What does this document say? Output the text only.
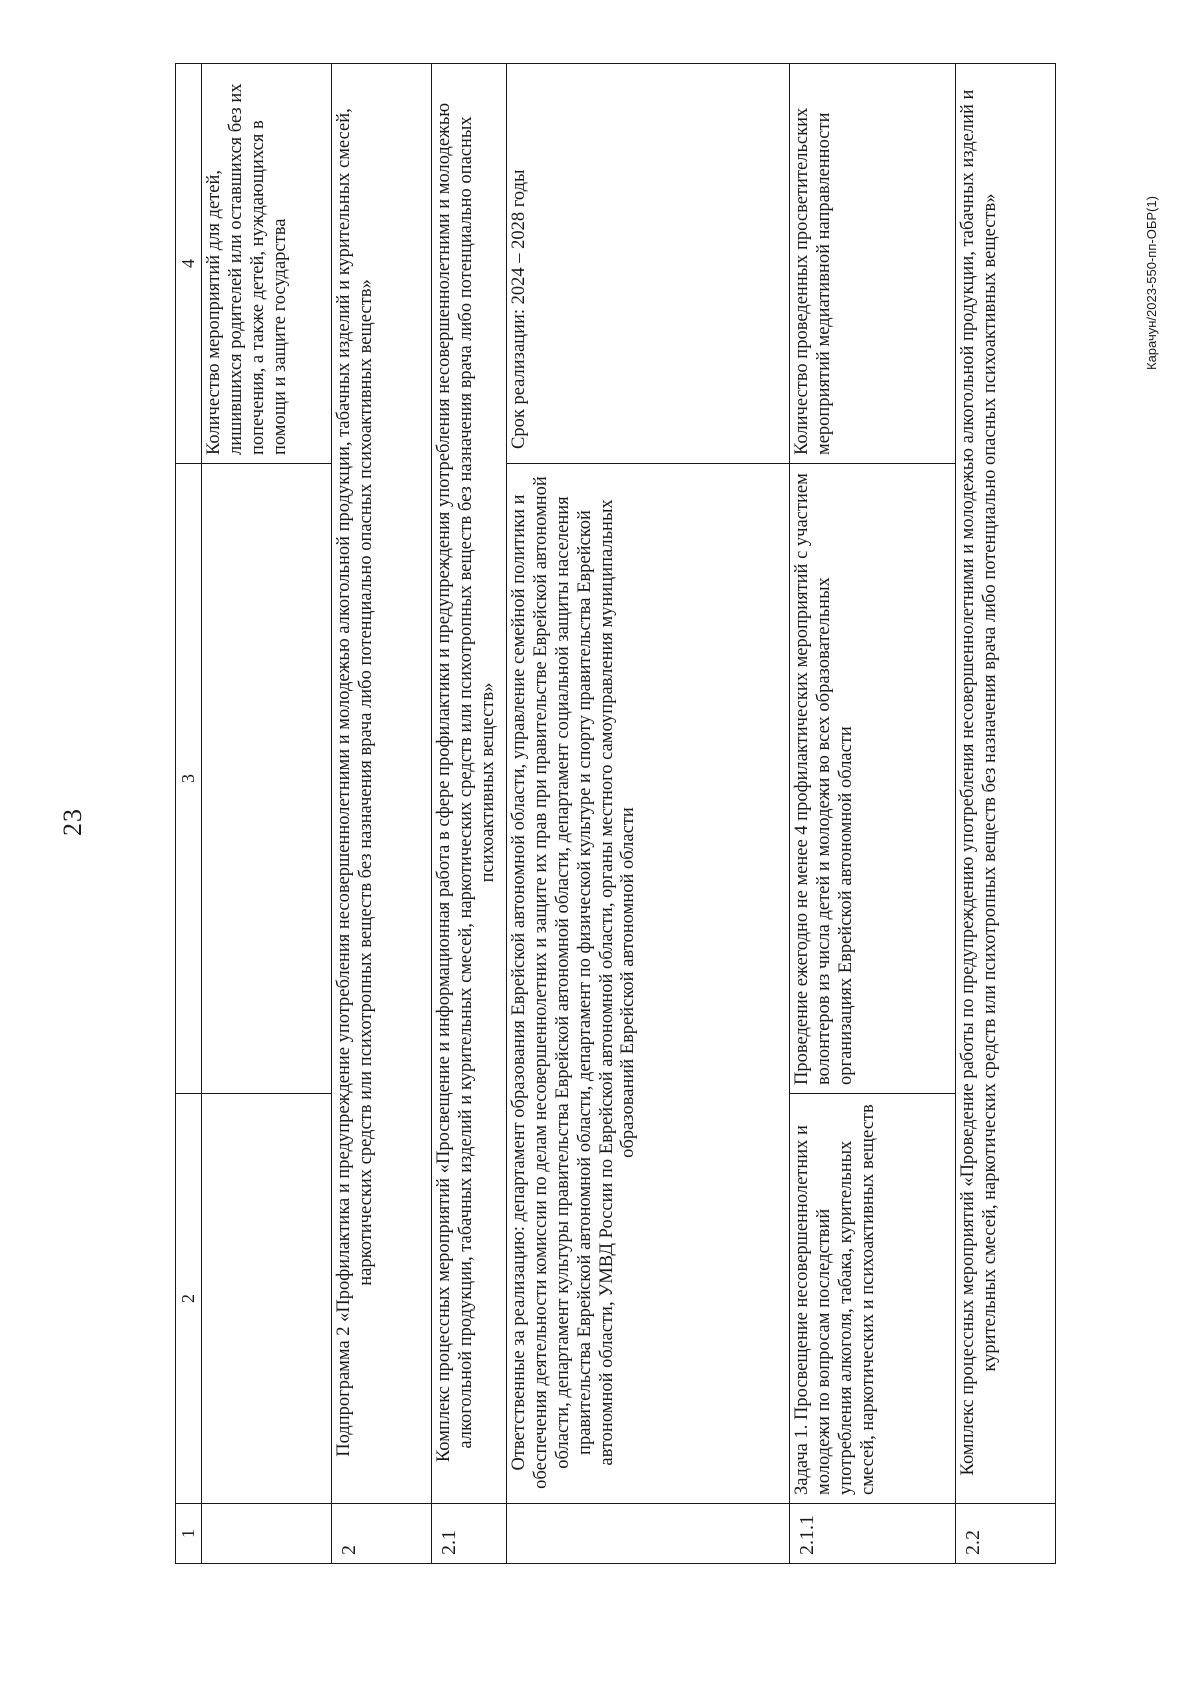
23
Карачун/2023-550-пп-ОБР(1)
1	2	3	4
			Количество мероприятий для детей, лишившихся родителей или оставшихся без их попечения, а также детей, нуждающихся в помощи и защите государства
2	Подпрограмма 2 «Профилактика и предупреждение употребления несовершеннолетними и молодежью алкогольной продукции, табачных изделий и курительных смесей, наркотических средств или психотропных веществ без назначения врача либо потенциально опасных психоактивных веществ»		
2.1	Комплекс процессных мероприятий «Просвещение и информационная работа в сфере профилактики и предупреждения употребления несовершеннолетними и молодежью алкогольной продукции, табачных изделий и курительных смесей, наркотических средств или психотропных веществ без назначения врача либо потенциально опасных психоактивных веществ»		
	Ответственные за реализацию: департамент образования Еврейской автономной области, управление семейной политики и обеспечения деятельности комиссии по делам несовершеннолетних и защите их прав при правительстве Еврейской автономной области, департамент культуры правительства Еврейской автономной области, департамент социальной защиты населения правительства Еврейской автономной области, департамент по физической культуре и спорту правительства Еврейской автономной области, УМВД России по Еврейской автономной области, органы местного самоуправления муниципальных образований Еврейской автономной области		Срок реализации: 2024 – 2028 годы
2.1.1	Задача 1. Просвещение несовершеннолетних и молодежи по вопросам последствий употребления алкоголя, табака, курительных смесей, наркотических и психоактивных веществ	Проведение ежегодно не менее 4 профилактических мероприятий с участием волонтеров из числа детей и молодежи во всех образовательных организациях Еврейской автономной области	Количество проведенных просветительских мероприятий медиативной направленности
2.2	Комплекс процессных мероприятий «Проведение работы по предупреждению употребления несовершеннолетними и молодежью алкогольной продукции, табачных изделий и курительных смесей, наркотических средств или психотропных веществ без назначения врача либо потенциально опасных психоактивных веществ»		
